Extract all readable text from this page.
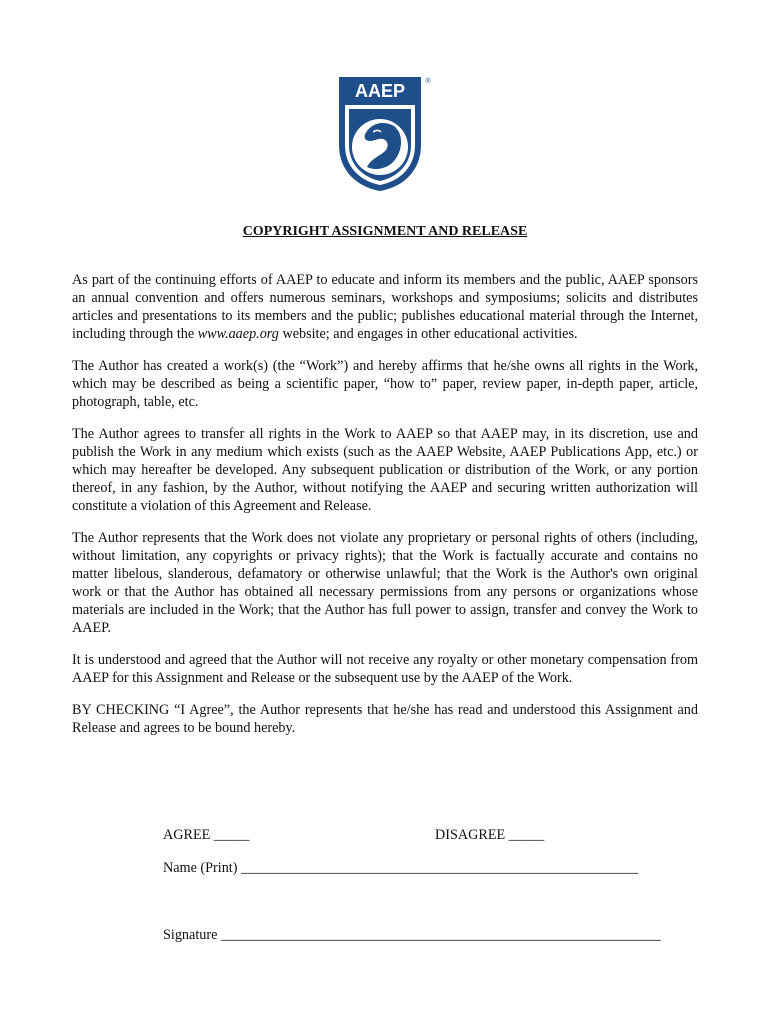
AAEP	®
COPYRIGHT ASSIGNMENT AND RELEASE

As part of the continuing efforts of AAEP to educate and inform its members and the public, AAEP sponsors an annual convention and offers numerous seminars, workshops and symposiums; solicits and distributes articles and presentations to its members and the public; publishes educational material through the Internet, including through the www.aaep.org website; and engages in other educational activities.

The Author has created a work(s) (the “Work”) and hereby affirms that he/she owns all rights in the Work, which may be described as being a scientific paper, “how to” paper, review paper, in-depth paper, article, photograph, table, etc.

The Author agrees to transfer all rights in the Work to AAEP so that AAEP may, in its discretion, use and publish the Work in any medium which exists (such as the AAEP Website, AAEP Publications App, etc.) or which may hereafter be developed. Any subsequent publication or distribution of the Work, or any portion thereof, in any fashion, by the Author, without notifying the AAEP and securing written authorization will constitute a violation of this Agreement and Release.

The Author represents that the Work does not violate any proprietary or personal rights of others (including, without limitation, any copyrights or privacy rights); that the Work is factually accurate and contains no matter libelous, slanderous, defamatory or otherwise unlawful; that the Work is the Author's own original work or that the Author has obtained all necessary permissions from any persons or organizations whose materials are included in the Work; that the Author has full power to assign, transfer and convey the Work to AAEP.

It is understood and agreed that the Author will not receive any royalty or other monetary compensation from AAEP for this Assignment and Release or the subsequent use by the AAEP of the Work.

BY CHECKING “I Agree”, the Author represents that he/she has read and understood this Assignment and Release and agrees to be bound hereby.

AGREE _____	DISAGREE _____
Name (Print) ________________________________________________________
Signature ______________________________________________________________
